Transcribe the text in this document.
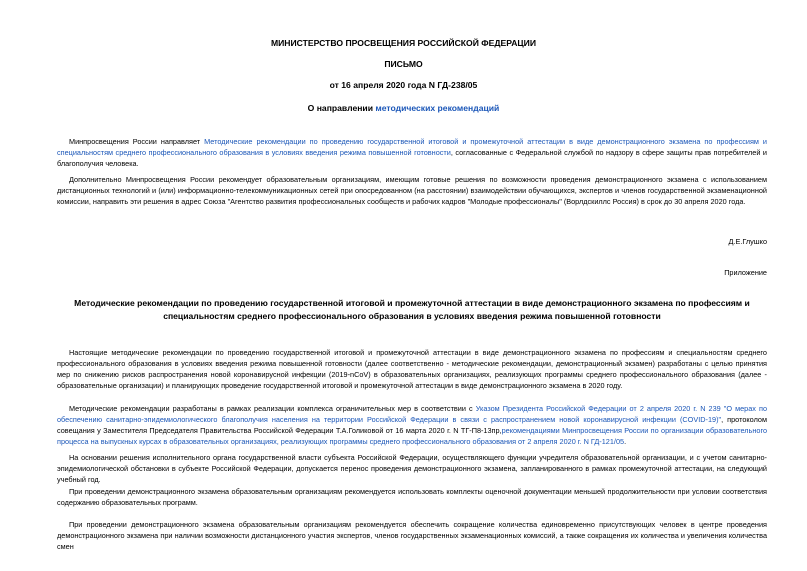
МИНИСТЕРСТВО ПРОСВЕЩЕНИЯ РОССИЙСКОЙ ФЕДЕРАЦИИ
ПИСЬМО
от 16 апреля 2020 года N ГД-238/05
О направлении методических рекомендаций
Минпросвещения России направляет Методические рекомендации по проведению государственной итоговой и промежуточной аттестации в виде демонстрационного экзамена по профессиям и специальностям среднего профессионального образования в условиях введения режима повышенной готовности, согласованные с Федеральной службой по надзору в сфере защиты прав потребителей и благополучия человека.
Дополнительно Минпросвещения России рекомендует образовательным организациям, имеющим готовые решения по возможности проведения демонстрационного экзамена с использованием дистанционных технологий и (или) информационно-телекоммуникационных сетей при опосредованном (на расстоянии) взаимодействии обучающихся, экспертов и членов государственной экзаменационной комиссии, направить эти решения в адрес Союза "Агентство развития профессиональных сообществ и рабочих кадров "Молодые профессионалы" (Ворлдскиллс Россия) в срок до 30 апреля 2020 года.
Д.Е.Глушко
Приложение
Методические рекомендации по проведению государственной итоговой и промежуточной аттестации в виде демонстрационного экзамена по профессиям и специальностям среднего профессионального образования в условиях введения режима повышенной готовности
Настоящие методические рекомендации по проведению государственной итоговой и промежуточной аттестации в виде демонстрационного экзамена по профессиям и специальностям среднего профессионального образования в условиях введения режима повышенной готовности (далее соответственно - методические рекомендации, демонстрационный экзамен) разработаны с целью принятия мер по снижению рисков распространения новой коронавирусной инфекции (2019-nCoV) в образовательных организациях, реализующих программы среднего профессионального образования (далее - образовательные организации) и планирующих проведение государственной итоговой и промежуточной аттестации в виде демонстрационного экзамена в 2020 году.
Методические рекомендации разработаны в рамках реализации комплекса ограничительных мер в соответствии с Указом Президента Российской Федерации от 2 апреля 2020 г. N 239 "О мерах по обеспечению санитарно-эпидемиологического благополучия населения на территории Российской Федерации в связи с распространением новой коронавирусной инфекции (COVID-19)", протоколом совещания у Заместителя Председателя Правительства Российской Федерации Т.А.Голиковой от 16 марта 2020 г. N ТГ-П8-13пр,рекомендациями Минпросвещения России по организации образовательного процесса на выпускных курсах в образовательных организациях, реализующих программы среднего профессионального образования от 2 апреля 2020 г. N ГД-121/05.
На основании решения исполнительного органа государственной власти субъекта Российской Федерации, осуществляющего функции учредителя образовательной организации, и с учетом санитарно-эпидемиологической обстановки в субъекте Российской Федерации, допускается перенос проведения демонстрационного экзамена, запланированного в рамках промежуточной аттестации, на следующий учебный год.
При проведении демонстрационного экзамена образовательным организациям рекомендуется использовать комплекты оценочной документации меньшей продолжительности при условии соответствия содержанию образовательных программ.
При проведении демонстрационного экзамена образовательным организациям рекомендуется обеспечить сокращение количества единовременно присутствующих человек в центре проведения демонстрационного экзамена при наличии возможности дистанционного участия экспертов, членов государственных экзаменационных комиссий, а также сокращения их количества и увеличения количества смен
